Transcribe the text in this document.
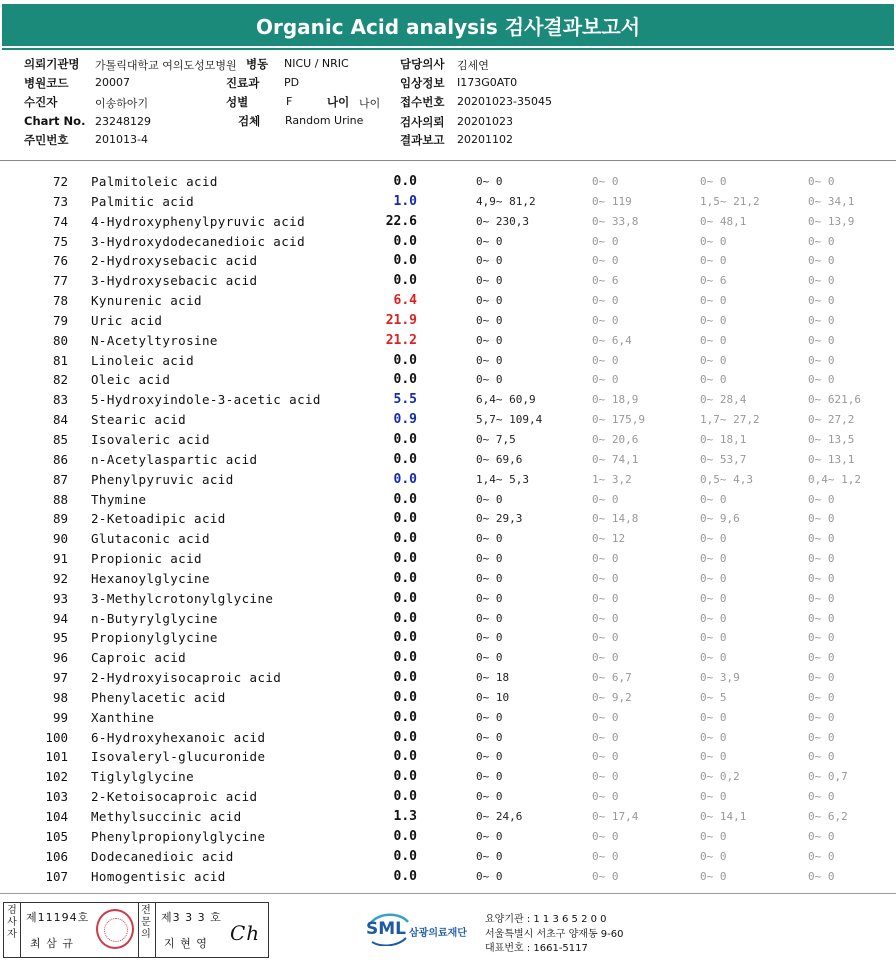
Organic Acid analysis 검사결과보고서
의뢰기관명 가톨릭대학교 여의도성모병원 병동 NICU / NRIC	담당의사 김세연
병원코드 20007	진료과 PD	임상정보 I173G0AT0
수진자	이송하아기	성별	F	나이 나이 접수번호 20201023-35045
Chart No. 23248129	검체 Random Urine	검사의뢰 20201023
주민번호 201013-4	결과보고 20201102
72 Palmitoleic acid	0.0	0~ 0	0~ 0	0~ 0	0~ 0
73 Palmitic acid	1.0	4,9~ 81,2	0~ 119	1,5~ 21,2	0~ 34,1
74 4-Hydroxyphenylpyruvic acid	22.6	0~ 230,3	0~ 33,8	0~ 48,1	0~ 13,9
75 3-Hydroxydodecanedioic acid	0.0	0~ 0	0~ 0	0~ 0	0~ 0
76 2-Hydroxysebacic acid	0.0	0~ 0	0~ 0	0~ 0	0~ 0
77 3-Hydroxysebacic acid	0.0	0~ 0	0~ 6	0~ 6	0~ 0
78 Kynurenic acid	6.4	0~ 0	0~ 0	0~ 0	0~ 0
79 Uric acid	21.9	0~ 0	0~ 0	0~ 0	0~ 0
80 N-Acetyltyrosine	21.2	0~ 0	0~ 6,4	0~ 0	0~ 0
81 Linoleic acid	0.0	0~ 0	0~ 0	0~ 0	0~ 0
82 Oleic acid	0.0	0~ 0	0~ 0	0~ 0	0~ 0
83 5-Hydroxyindole-3-acetic acid	5.5	6,4~ 60,9	0~ 18,9	0~ 28,4	0~ 621,6
84 Stearic acid	0.9	5,7~ 109,4	0~ 175,9	1,7~ 27,2	0~ 27,2
85 Isovaleric acid	0.0	0~ 7,5	0~ 20,6	0~ 18,1	0~ 13,5
86 n-Acetylaspartic acid	0.0	0~ 69,6	0~ 74,1	0~ 53,7	0~ 13,1
87 Phenylpyruvic acid	0.0	1,4~ 5,3	1~ 3,2	0,5~ 4,3	0,4~ 1,2
88 Thymine	0.0	0~ 0	0~ 0	0~ 0	0~ 0
89 2-Ketoadipic acid	0.0	0~ 29,3	0~ 14,8	0~ 9,6	0~ 0
90 Glutaconic acid	0.0	0~ 0	0~ 12	0~ 0	0~ 0
91 Propionic acid	0.0	0~ 0	0~ 0	0~ 0	0~ 0
92 Hexanoylglycine	0.0	0~ 0	0~ 0	0~ 0	0~ 0
93 3-Methylcrotonylglycine	0.0	0~ 0	0~ 0	0~ 0	0~ 0
94 n-Butyrylglycine	0.0	0~ 0	0~ 0	0~ 0	0~ 0
95 Propionylglycine	0.0	0~ 0	0~ 0	0~ 0	0~ 0
96 Caproic acid	0.0	0~ 0	0~ 0	0~ 0	0~ 0
97 2-Hydroxyisocaproic acid	0.0	0~ 18	0~ 6,7	0~ 3,9	0~ 0
98 Phenylacetic acid	0.0	0~ 10	0~ 9,2	0~ 5	0~ 0
99 Xanthine	0.0	0~ 0	0~ 0	0~ 0	0~ 0
100 6-Hydroxyhexanoic acid	0.0	0~ 0	0~ 0	0~ 0	0~ 0
101 Isovaleryl-glucuronide	0.0	0~ 0	0~ 0	0~ 0	0~ 0
102 Tiglylglycine	0.0	0~ 0	0~ 0	0~ 0,2	0~ 0,7
103 2-Ketoisocaproic acid	0.0	0~ 0	0~ 0	0~ 0	0~ 0
104 Methylsuccinic acid	1.3	0~ 24,6	0~ 17,4	0~ 14,1	0~ 6,2
105 Phenylpropionylglycine	0.0	0~ 0	0~ 0	0~ 0	0~ 0
106 Dodecanedioic acid	0.0	0~ 0	0~ 0	0~ 0	0~ 0
107 Homogentisic acid	0.0	0~ 0	0~ 0	0~ 0	0~ 0
검
사
자
제11194호
최 삼 규
전
문
의
제3 3 3 호
지 현 영 Ch	SML 삼광의료재단
요양기관 : 1 1 3 6 5 2 0 0
서울특별시 서초구 양재동 9-60
대표번호 : 1661-5117
